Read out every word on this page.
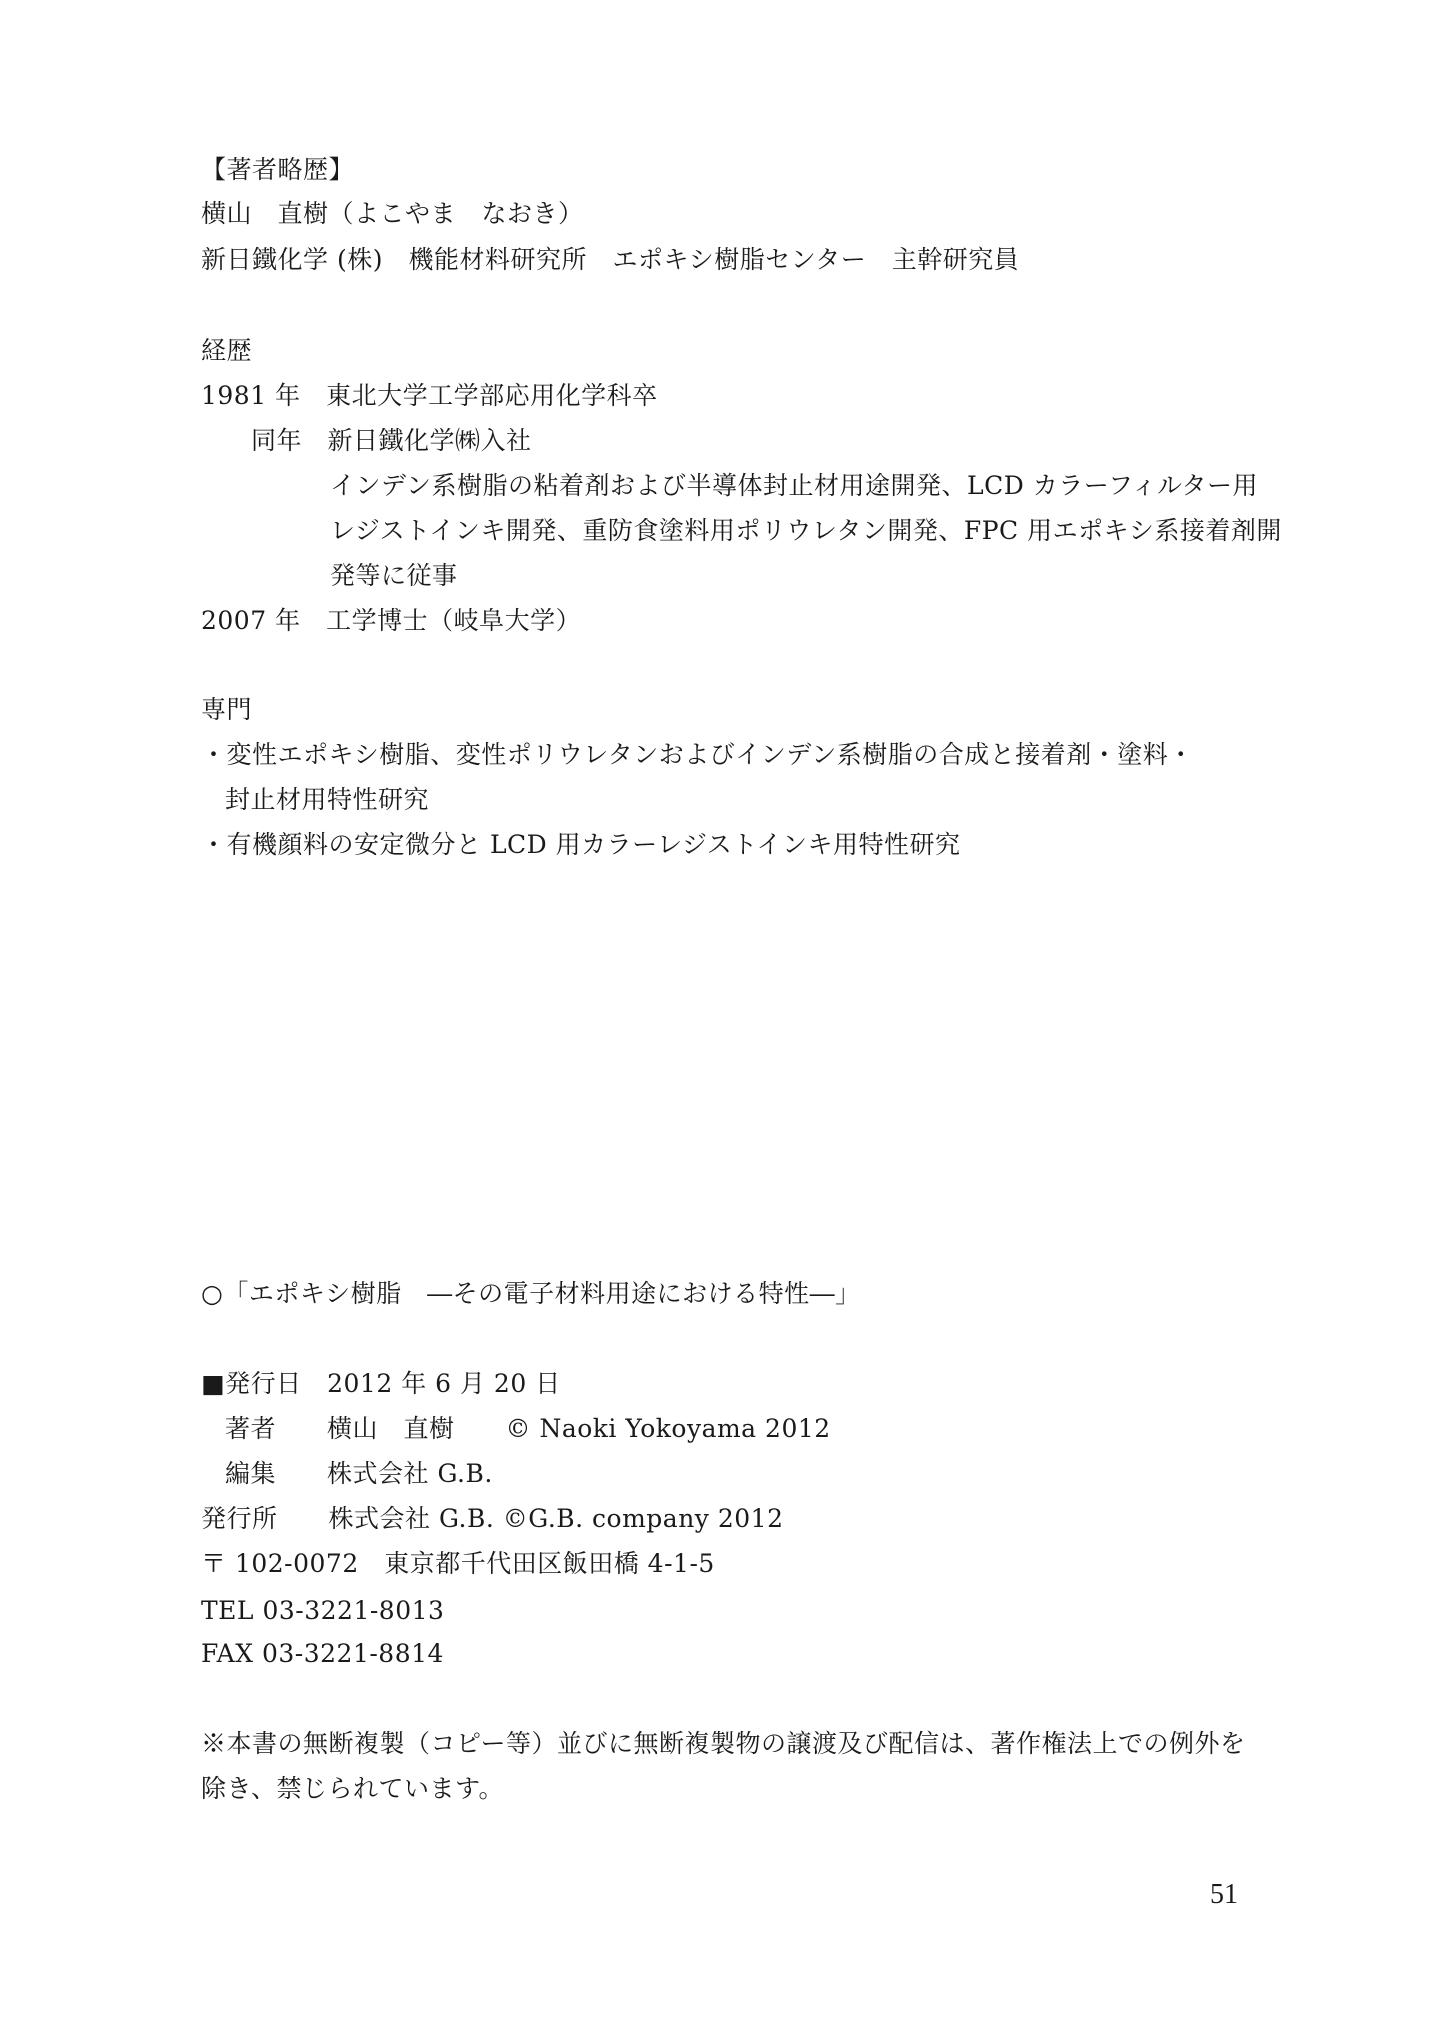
【著者略歴】
横山　直樹（よこやま　なおき）
新日鐵化学 (株)　機能材料研究所　エポキシ樹脂センター　主幹研究員
経歴
1981 年　東北大学工学部応用化学科卒
同年　新日鐵化学㈱入社
インデン系樹脂の粘着剤および半導体封止材用途開発、LCD カラーフィルター用
レジストインキ開発、重防食塗料用ポリウレタン開発、FPC 用エポキシ系接着剤開
発等に従事
2007 年　工学博士（岐阜大学）
専門
・変性エポキシ樹脂、変性ポリウレタンおよびインデン系樹脂の合成と接着剤・塗料・
封止材用特性研究
・有機顔料の安定微分と LCD 用カラーレジストインキ用特性研究
○「エポキシ樹脂　―その電子材料用途における特性―」
■発行日　2012 年 6 月 20 日
著者　　横山　直樹　　© Naoki Yokoyama 2012
編集　　株式会社 G.B.
発行所　　株式会社 G.B. ©G.B. company 2012
〒 102-0072　東京都千代田区飯田橋 4-1-5
TEL 03-3221-8013
FAX 03-3221-8814
※本書の無断複製（コピー等）並びに無断複製物の譲渡及び配信は、著作権法上での例外を
除き、禁じられています。
51
